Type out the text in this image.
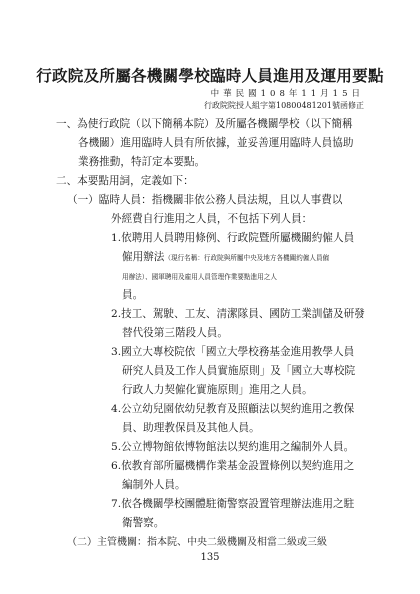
行政院及所屬各機關學校臨時人員進用及運用要點
中華民國108年11月15日
行政院院授人組字第10800481201號函修正
一、為使行政院（以下簡稱本院）及所屬各機關學校（以下簡稱
各機關）進用臨時人員有所依據，並妥善運用臨時人員協助
業務推動，特訂定本要點。
二、本要點用詞，定義如下：
（一）臨時人員：指機關非依公務人員法規，且以人事費以
外經費自行進用之人員，不包括下列人員：
1.依聘用人員聘用條例、行政院暨所屬機關約僱人員
僱用辦法（現行名稱：行政院與所屬中央及地方各機關約僱人員僱
用辦法）、國軍聘用及雇用人員管理作業要點進用之人
員。
2.技工、駕駛、工友、清潔隊員、國防工業訓儲及研發
替代役第三階段人員。
3.國立大專校院依「國立大學校務基金進用教學人員
研究人員及工作人員實施原則」及「國立大專校院
行政人力契僱化實施原則」進用之人員。
4.公立幼兒園依幼兒教育及照顧法以契約進用之教保
員、助理教保員及其他人員。
5.公立博物館依博物館法以契約進用之編制外人員。
6.依教育部所屬機構作業基金設置條例以契約進用之
編制外人員。
7.依各機關學校團體駐衛警察設置管理辦法進用之駐
衛警察。
（二）主管機關：指本院、中央二級機關及相當二級或三級
135
